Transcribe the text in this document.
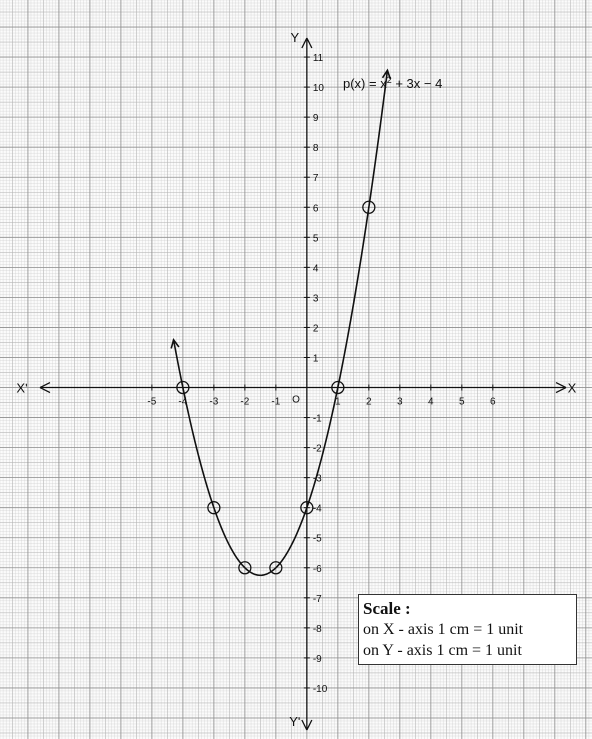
-5 -4 -3 -2 -1	1	2	3	4	5	6
-10
-9
-8
-7
-6
-5
-4
-3
-2
-1
1
2
3
4
5
6
7
8
9
10
11
X
Xʹ
Y
Yʹ
O
$p(x) = x^2 + 3x - 4$
Scale :
on X - axis 1 cm = 1 unit
on Y - axis 1 cm = 1 unit
